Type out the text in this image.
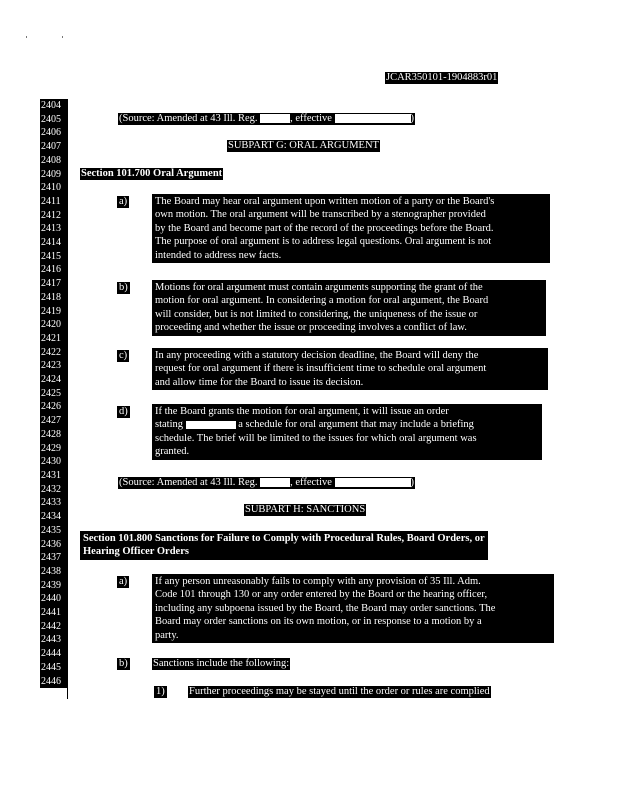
JCAR350101-1904883r01
2404
2405
2406
2407
2408
2409
2410
2411
2412
2413
2414
2415
2416
2417
2418
2419
2420
2421
2422
2423
2424
2425
2426
2427
2428
2429
2430
2431
2432
2433
2434
2435
2436
2437
2438
2439
2440
2441
2442
2443
2444
2445
2446
(Source: Amended at 43 Ill. Reg.	, effective	)
SUBPART G: ORAL ARGUMENT
Section 101.700 Oral Argument
a)	The Board may hear oral argument upon written motion of a party or the Board's
own motion. The oral argument will be transcribed by a stenographer provided
by the Board and become part of the record of the proceedings before the Board.
The purpose of oral argument is to address legal questions. Oral argument is not
intended to address new facts.
b)	Motions for oral argument must contain arguments supporting the grant of the
motion for oral argument. In considering a motion for oral argument, the Board
will consider, but is not limited to considering, the uniqueness of the issue or
proceeding and whether the issue or proceeding involves a conflict of law.
c)	In any proceeding with a statutory decision deadline, the Board will deny the
request for oral argument if there is insufficient time to schedule oral argument
and allow time for the Board to issue its decision.
d)	If the Board grants the motion for oral argument, it will issue an order
stating	a schedule for oral argument that may include a briefing
schedule. The brief will be limited to the issues for which oral argument was
granted.
(Source: Amended at 43 Ill. Reg.	, effective	)
SUBPART H: SANCTIONS
Section 101.800 Sanctions for Failure to Comply with Procedural Rules, Board Orders, or
Hearing Officer Orders
a)	If any person unreasonably fails to comply with any provision of 35 Ill. Adm.
Code 101 through 130 or any order entered by the Board or the hearing officer,
including any subpoena issued by the Board, the Board may order sanctions. The
Board may order sanctions on its own motion, or in response to a motion by a
party.
b) Sanctions include the following:
1) Further proceedings may be stayed until the order or rules are complied
